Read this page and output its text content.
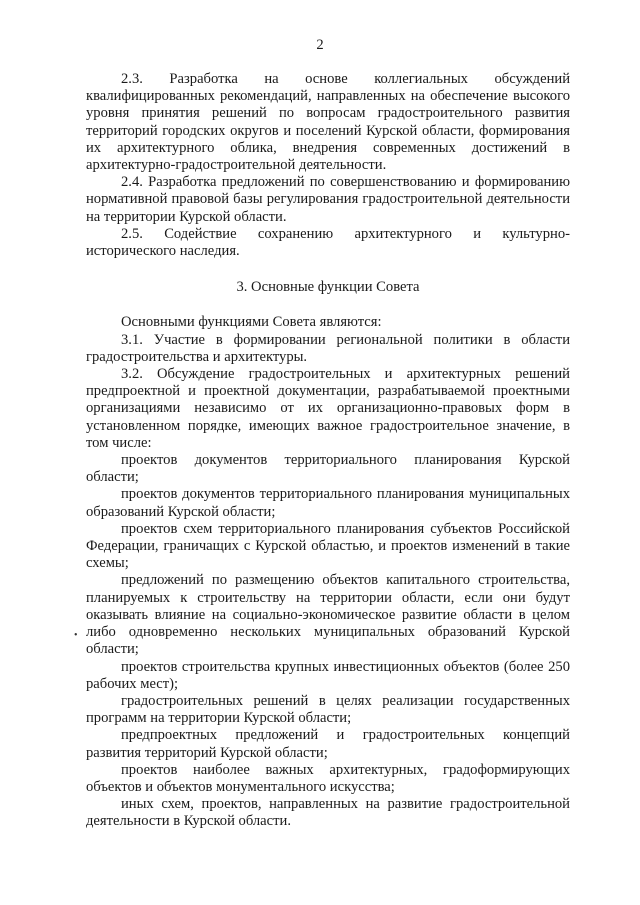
2

2.3. Разработка на основе коллегиальных обсуждений квалифицированных рекомендаций, направленных на обеспечение высокого уровня принятия решений по вопросам градостроительного развития территорий городских округов и поселений Курской области, формирования их архитектурного облика, внедрения современных достижений в архитектурно-градостроительной деятельности.

2.4. Разработка предложений по совершенствованию и формированию нормативной правовой базы регулирования градостроительной деятельности на территории Курской области.

2.5. Содействие сохранению архитектурного и культурно-исторического наследия.

3. Основные функции Совета

Основными функциями Совета являются:

3.1. Участие в формировании региональной политики в области градостроительства и архитектуры.

3.2. Обсуждение градостроительных и архитектурных решений предпроектной и проектной документации, разрабатываемой проектными организациями независимо от их организационно-правовых форм в установленном порядке, имеющих важное градостроительное значение, в том числе:

проектов документов территориального планирования Курской области;

проектов документов территориального планирования муниципальных образований Курской области;

проектов схем территориального планирования субъектов Российской Федерации, граничащих с Курской областью, и проектов изменений в такие схемы;

предложений по размещению объектов капитального строительства, планируемых к строительству на территории области, если они будут оказывать влияние на социально-экономическое развитие области в целом либо одновременно нескольких муниципальных образований Курской области;

проектов строительства крупных инвестиционных объектов (более 250 рабочих мест);

градостроительных решений в целях реализации государственных программ на территории Курской области;

предпроектных предложений и градостроительных концепций развития территорий Курской области;

проектов наиболее важных архитектурных, градоформирующих объектов и объектов монументального искусства;

иных схем, проектов, направленных на развитие градостроительной деятельности в Курской области.

•
